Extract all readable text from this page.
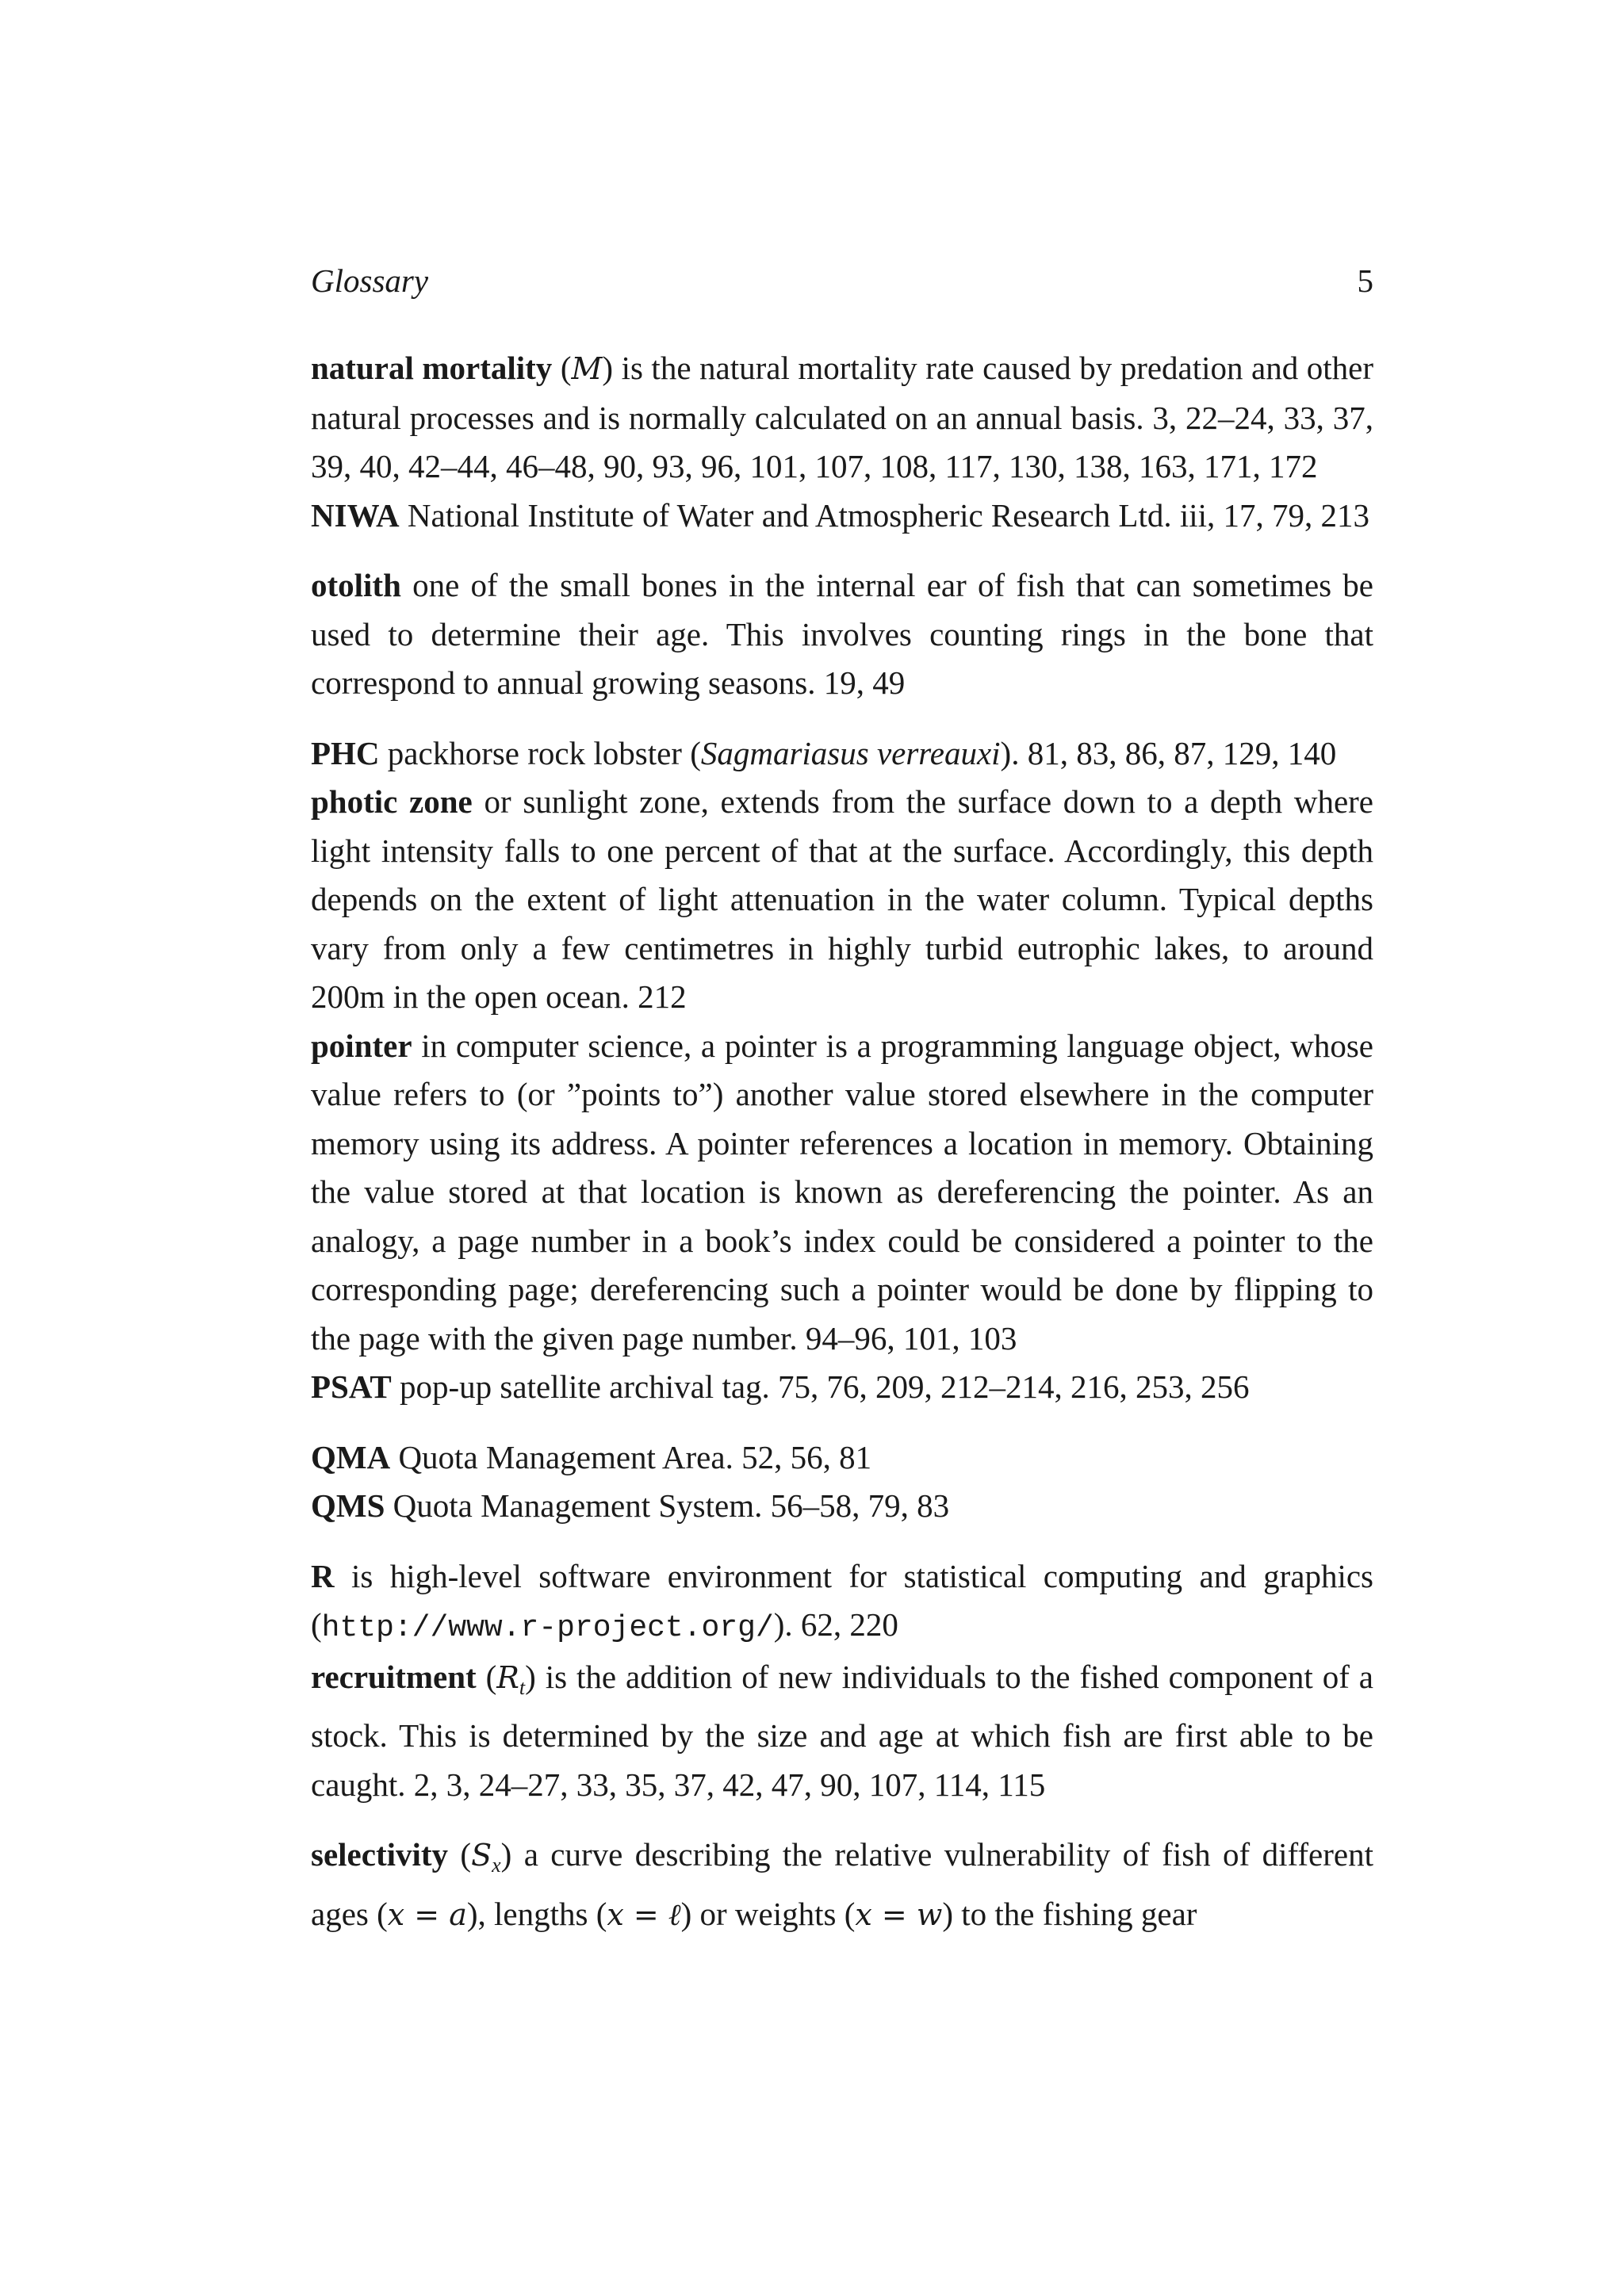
Glossary	5

natural mortality (M) is the natural mortality rate caused by predation and other natural processes and is normally calculated on an annual basis. 3, 22–24, 33, 37, 39, 40, 42–44, 46–48, 90, 93, 96, 101, 107, 108, 117, 130, 138, 163, 171, 172

NIWA National Institute of Water and Atmospheric Research Ltd. iii, 17, 79, 213

otolith one of the small bones in the internal ear of fish that can sometimes be used to determine their age. This involves counting rings in the bone that correspond to annual growing seasons. 19, 49

PHC packhorse rock lobster (Sagmariasus verreauxi). 81, 83, 86, 87, 129, 140

photic zone or sunlight zone, extends from the surface down to a depth where light intensity falls to one percent of that at the surface. Accordingly, this depth depends on the extent of light attenuation in the water column. Typical depths vary from only a few centimetres in highly turbid eutrophic lakes, to around 200m in the open ocean. 212

pointer in computer science, a pointer is a programming language object, whose value refers to (or ”points to”) another value stored elsewhere in the computer memory using its address. A pointer references a location in memory. Obtaining the value stored at that location is known as dereferencing the pointer. As an analogy, a page number in a book’s index could be considered a pointer to the corresponding page; dereferencing such a pointer would be done by flipping to the page with the given page number. 94–96, 101, 103

PSAT pop-up satellite archival tag. 75, 76, 209, 212–214, 216, 253, 256

QMA Quota Management Area. 52, 56, 81

QMS Quota Management System. 56–58, 79, 83

R is high-level software environment for statistical computing and graphics (http://www.r-project.org/). 62, 220

recruitment $(R_t)$ is the addition of new individuals to the fished component of a stock. This is determined by the size and age at which fish are first able to be caught. 2, 3, 24–27, 33, 35, 37, 42, 47, 90, 107, 114, 115

selectivity $(S_x)$ a curve describing the relative vulnerability of fish of different ages (x = a), lengths (x = ℓ) or weights (x = w) to the fishing gear
